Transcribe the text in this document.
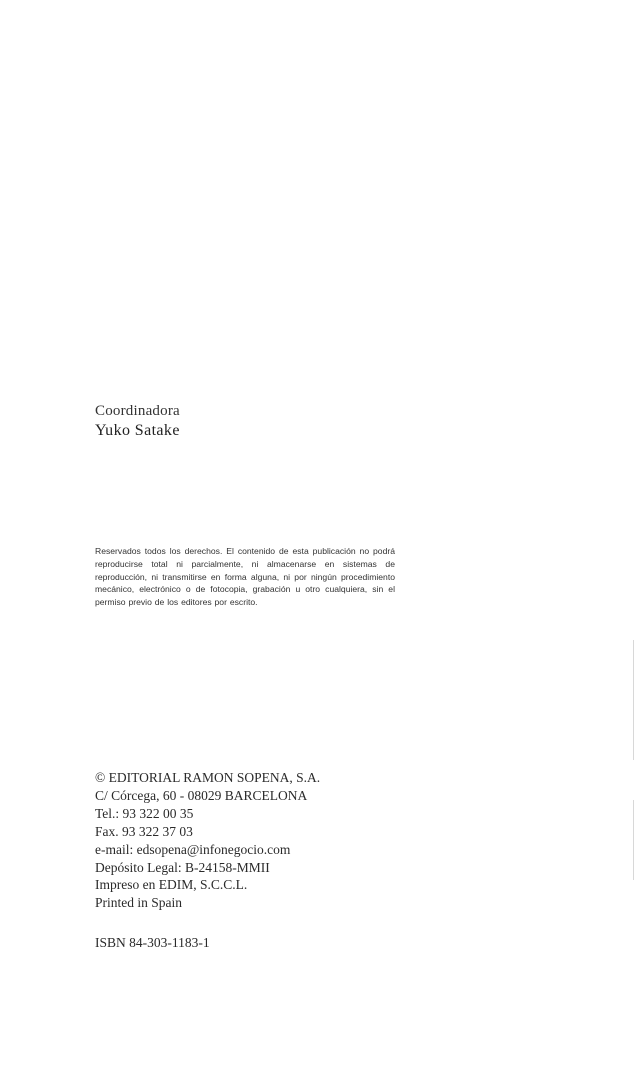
Coordinadora
Yuko Satake
Reservados todos los derechos. El contenido de esta publicación no podrá reproducirse total ni parcialmente, ni almacenarse en sistemas de reproducción, ni transmitirse en forma alguna, ni por ningún procedimiento mecánico, electrónico o de fotocopia, grabación u otro cualquiera, sin el permiso previo de los editores por escrito.
© EDITORIAL RAMON SOPENA, S.A.
C/ Córcega, 60 - 08029 BARCELONA
Tel.: 93 322 00 35
Fax. 93 322 37 03
e-mail: edsopena@infonegocio.com
Depósito Legal: B-24158-MMII
Impreso en EDIM, S.C.C.L.
Printed in Spain
ISBN 84-303-1183-1
